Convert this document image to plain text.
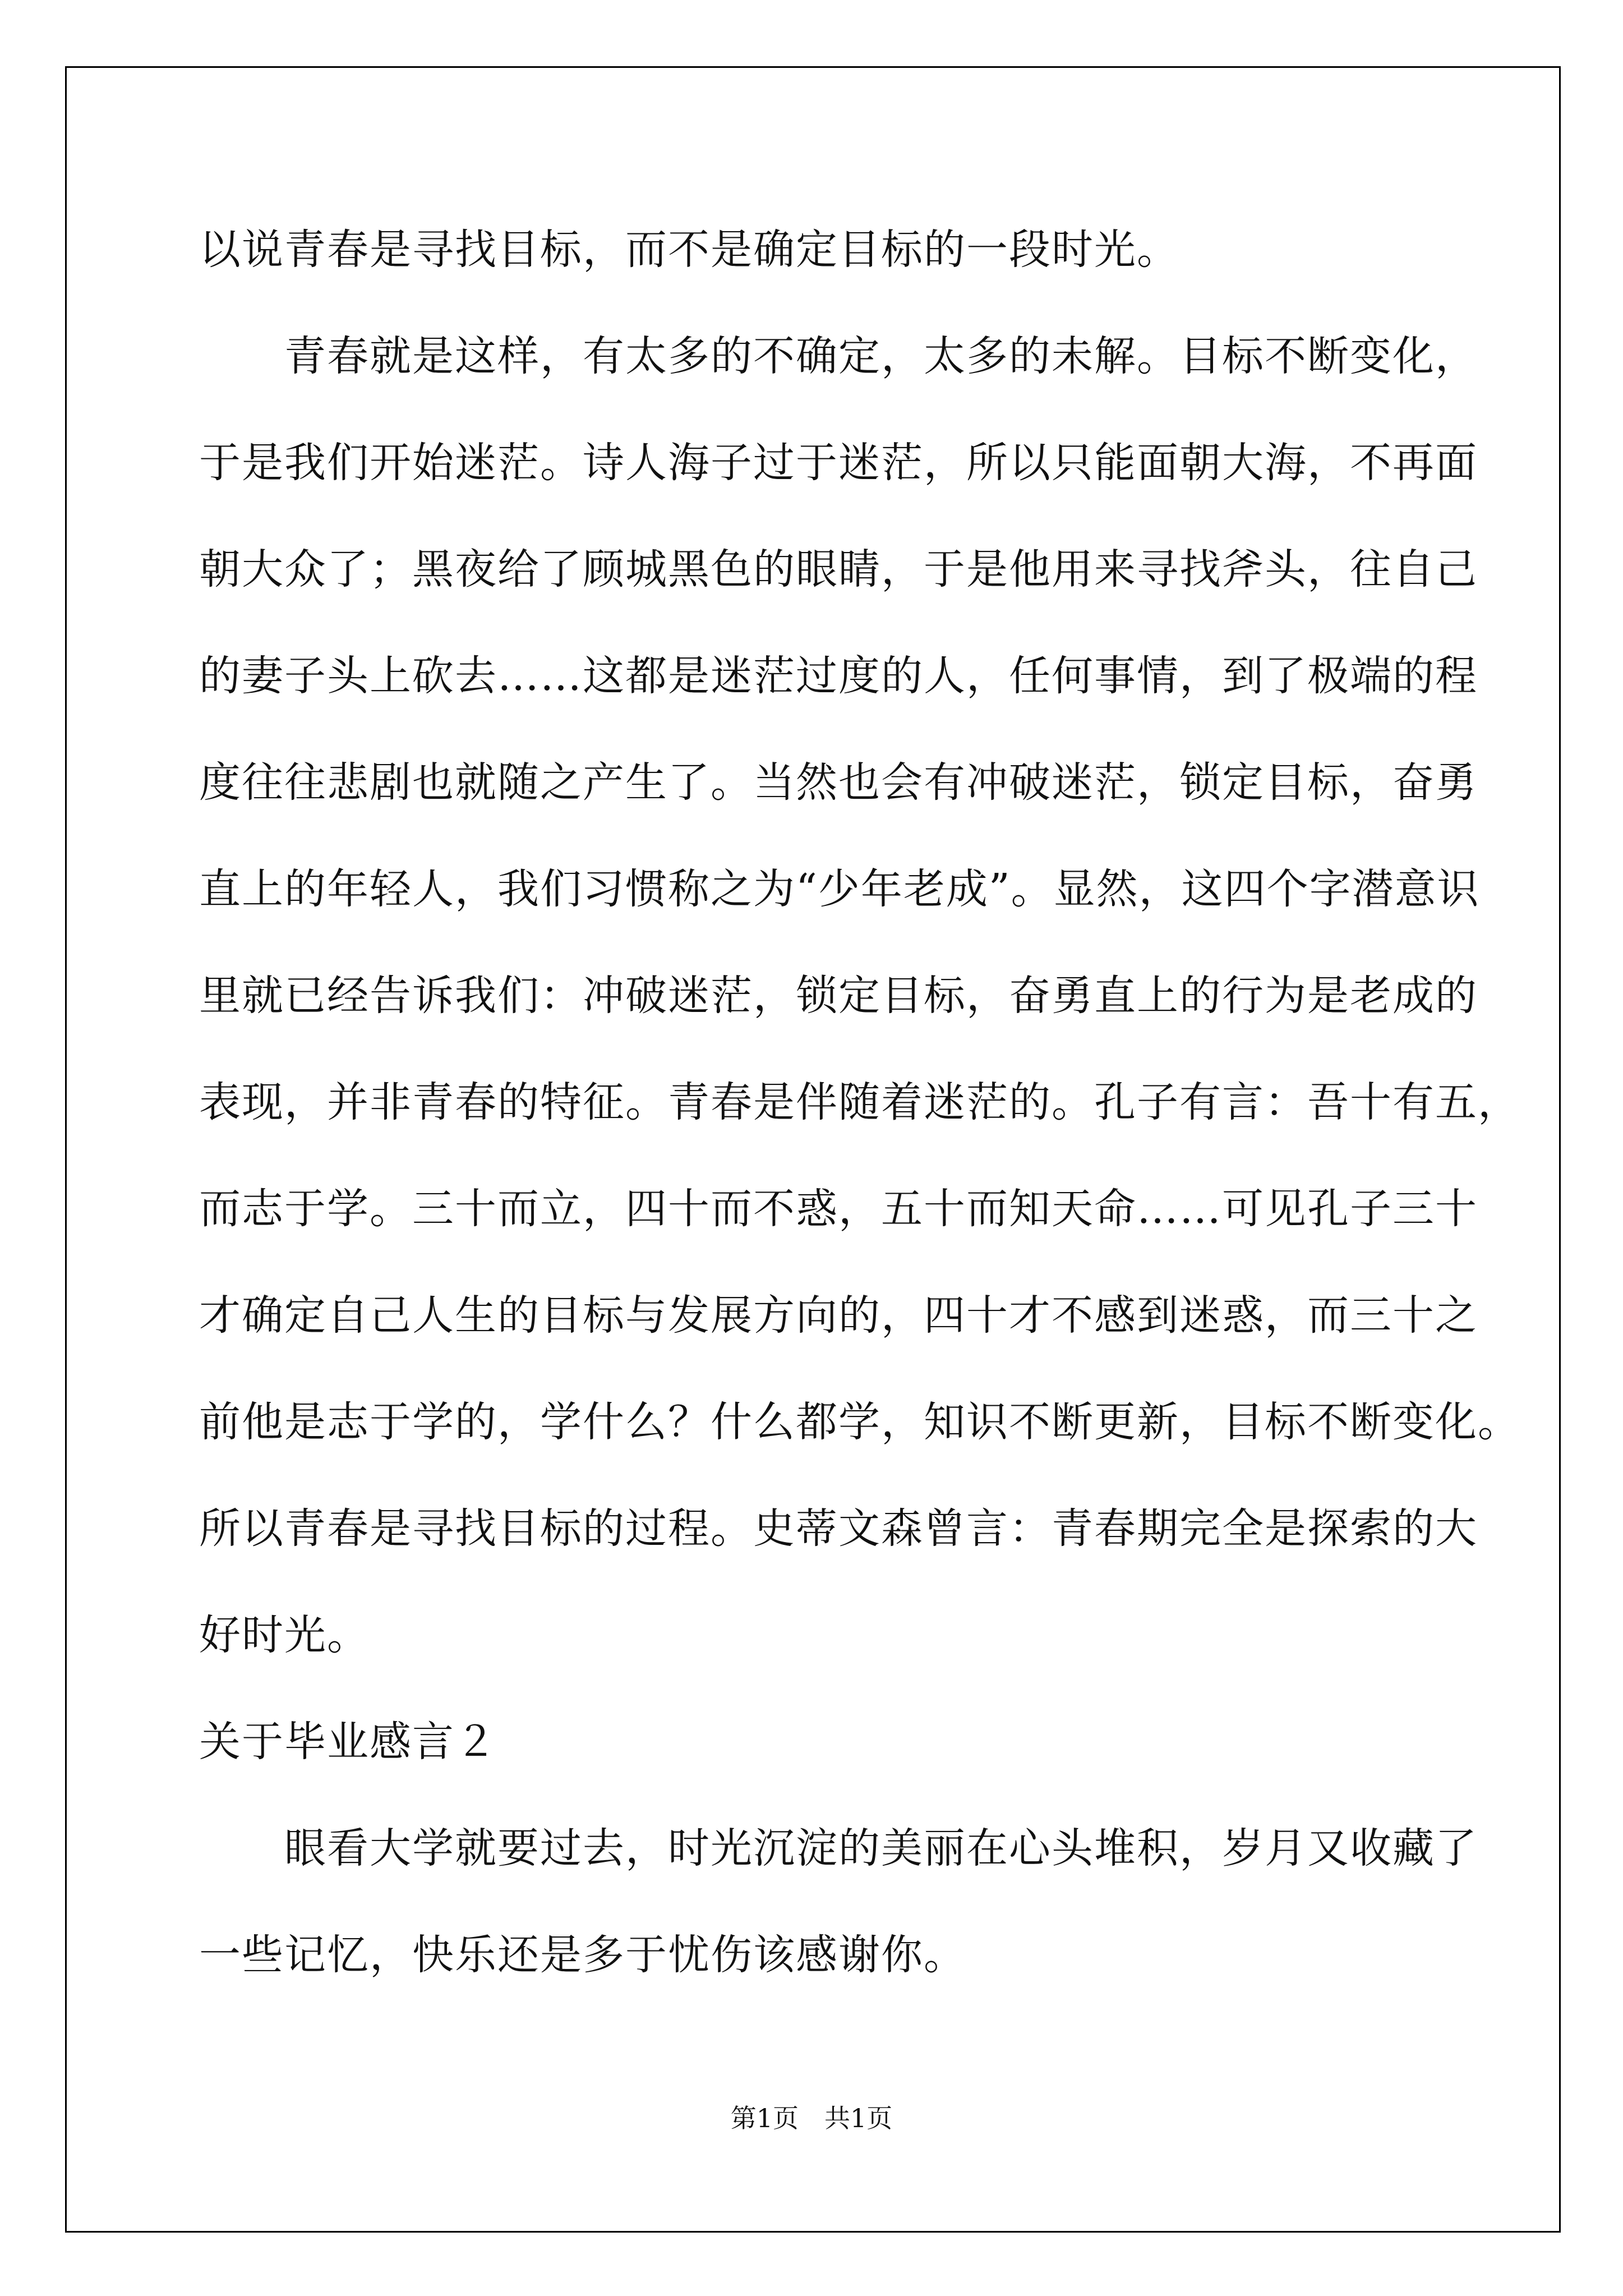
以说青春是寻找目标，而不是确定目标的一段时光。

　　青春就是这样，有太多的不确定，太多的未解。目标不断变化，

于是我们开始迷茫。诗人海子过于迷茫，所以只能面朝大海，不再面

朝大众了；黑夜给了顾城黑色的眼睛，于是他用来寻找斧头，往自己

的妻子头上砍去……这都是迷茫过度的人，任何事情，到了极端的程

度往往悲剧也就随之产生了。当然也会有冲破迷茫，锁定目标，奋勇

直上的年轻人，我们习惯称之为“少年老成”。显然，这四个字潜意识

里就已经告诉我们：冲破迷茫，锁定目标，奋勇直上的行为是老成的

表现，并非青春的特征。青春是伴随着迷茫的。孔子有言：吾十有五，

而志于学。三十而立，四十而不惑，五十而知天命……可见孔子三十

才确定自己人生的目标与发展方向的，四十才不感到迷惑，而三十之

前他是志于学的，学什么？什么都学，知识不断更新，目标不断变化。

所以青春是寻找目标的过程。史蒂文森曾言：青春期完全是探索的大

好时光。

关于毕业感言２

　　眼看大学就要过去，时光沉淀的美丽在心头堆积，岁月又收藏了

一些记忆，快乐还是多于忧伤该感谢你。

第1页　共1页
